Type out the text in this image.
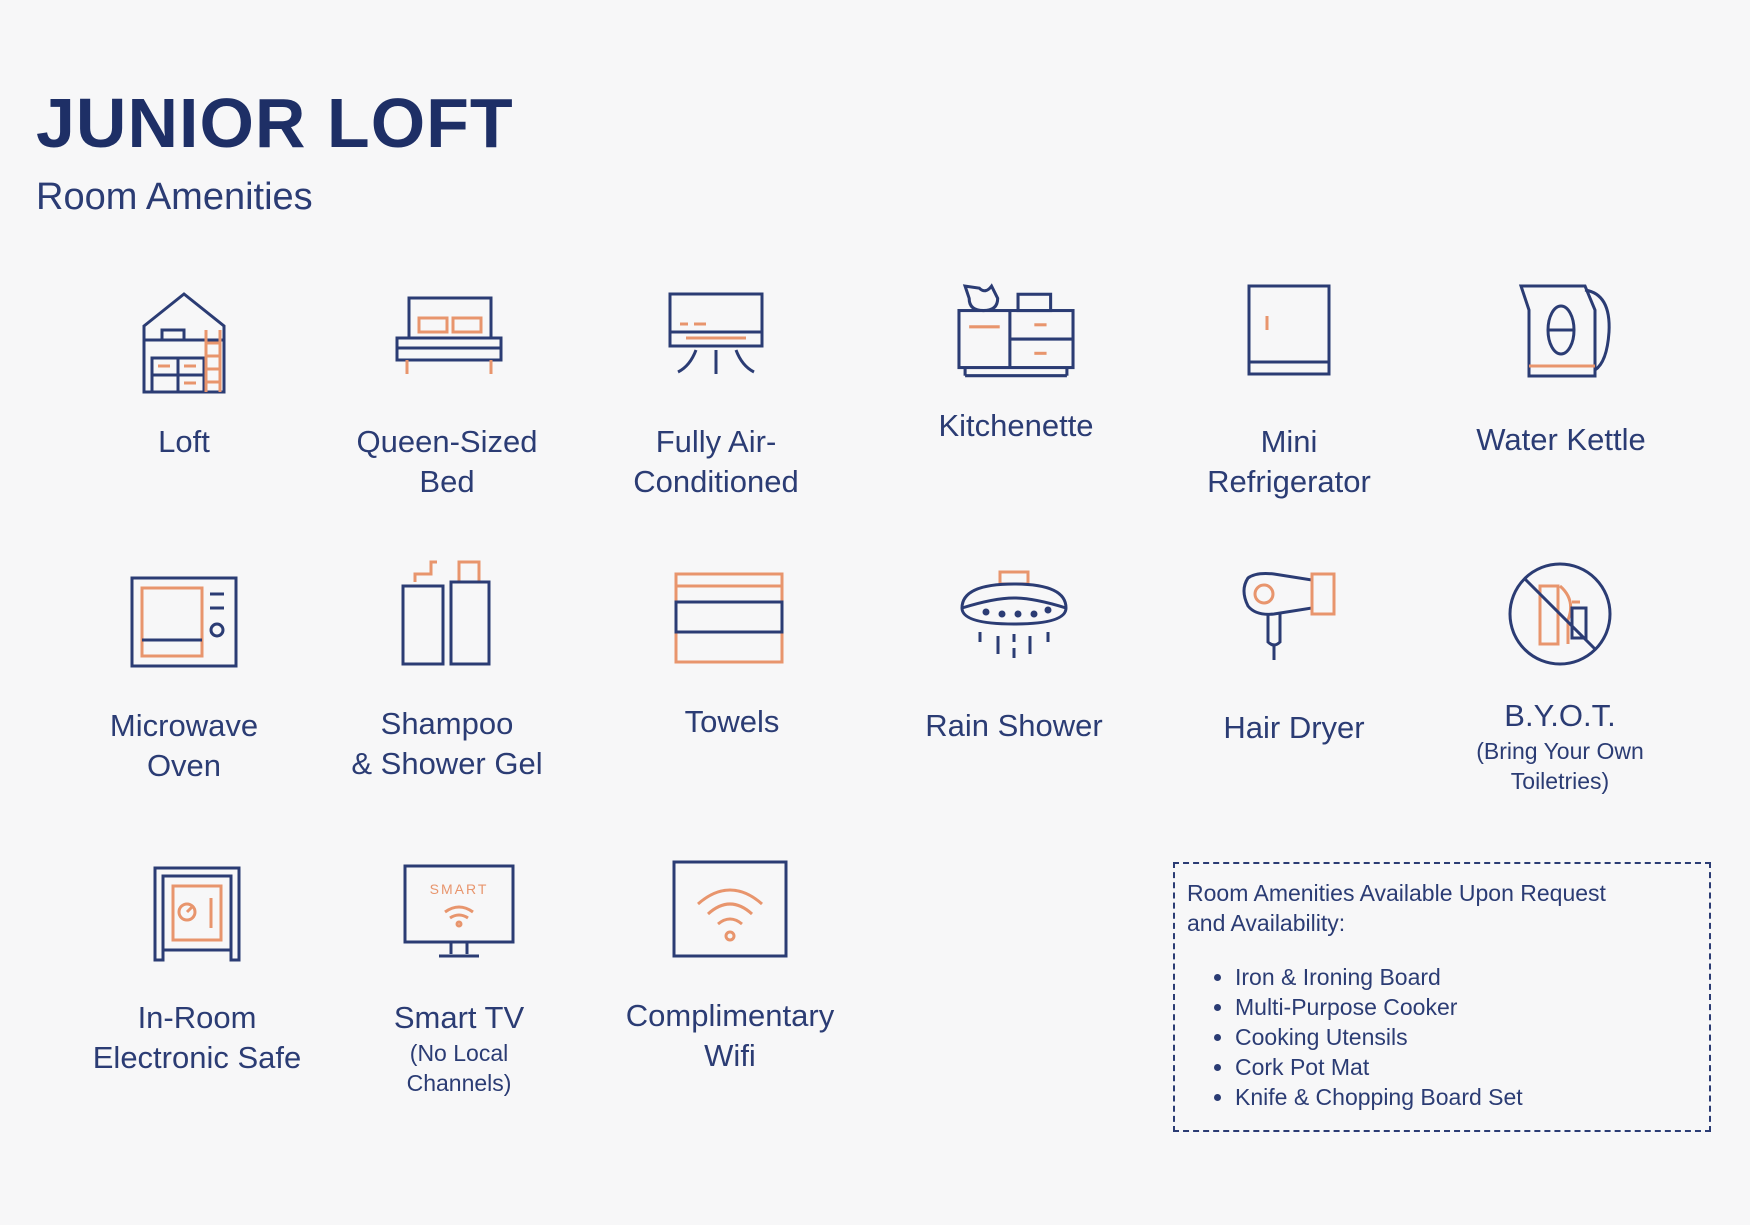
JUNIOR LOFT
Room Amenities
Loft	Queen-Sized
Bed
Fully Air-
Conditioned
Kitchenette	Mini
Refrigerator
Water Kettle
Microwave
Oven
Shampoo
& Shower Gel
Towels	Rain Shower	Hair Dryer	B.Y.O.T.
(Bring Your Own
Toiletries)
In-Room
Electronic Safe
SMART
Smart TV
(No Local
Channels)
Complimentary
Wifi
Room Amenities Available Upon Request
and Availability:
• Iron & Ironing Board
• Multi-Purpose Cooker
• Cooking Utensils
• Cork Pot Mat
• Knife & Chopping Board Set
